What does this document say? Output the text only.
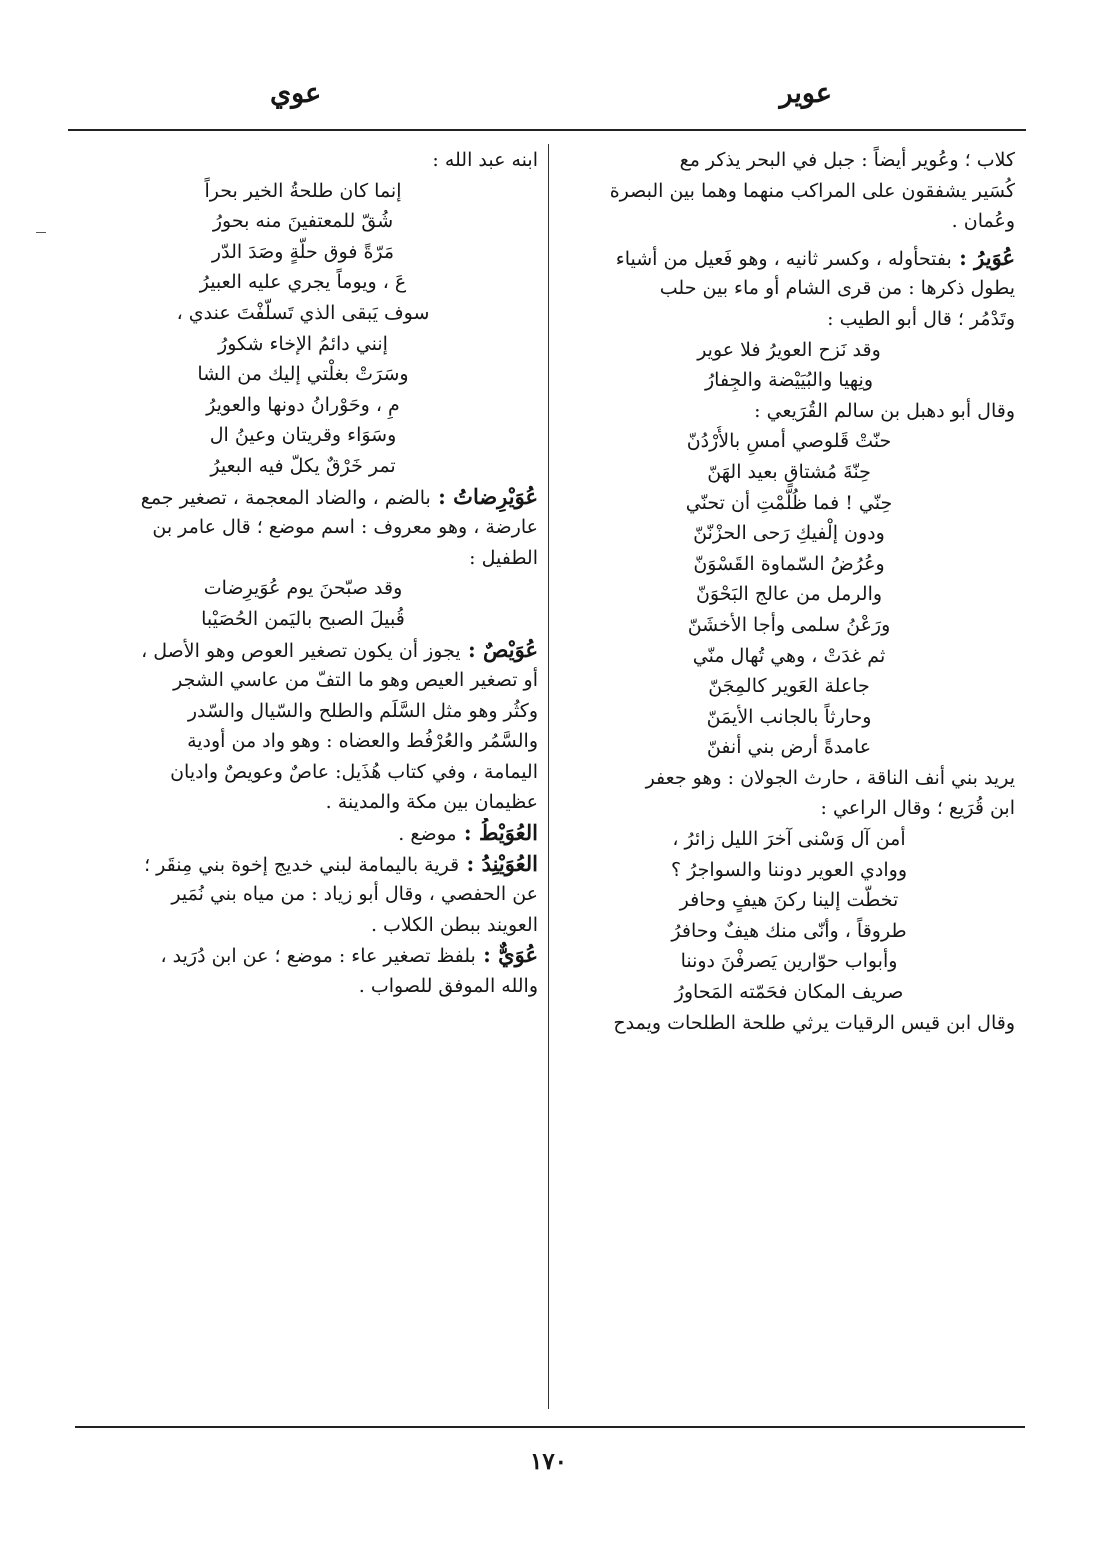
عوير
عوي
كلاب ؛ وعُوير أيضاً : جبل في البحر يذكر مع
كُسَير يشفقون على المراكب منهما وهما بين البصرة
وعُمان .
عُوَيرُ : بفتحأوله ، وكسر ثانيه ، وهو فَعيل من أشياء
يطول ذكرها : من قرى الشام أو ماء بين حلب
وتَدْمُر ؛ قال أبو الطيب :
وقد نَزح العويرُ فلا عوير
ونِهيا والبُيَيْضة والجِفارُ
وقال أبو دهبل بن سالم القُرَيعي :
حنّتْ قَلوصي أمسِ بالأُرْدُنّ
حِنّةَ مُشتاقٍ بعيد الهَنّ
حِنّي ! فما ظُلّمْتِ أن تحنّي
ودون إلْفيكِ رَحى الحزْنّنّ
وعُرُضُ السّماوة القَسْوَنّ
والرمل من عالج البَحْوَنّ
ورَعْنُ سلمى وأجا الأخشَنّ
ثم غدَتْ ، وهي تُهال منّي
جاعلة العَوير كالمِجَنّ
وحارثاً بالجانب الأيمَنّ
عامدةً أرض بني أنفنّ
يريد بني أنف الناقة ، حارث الجولان : وهو جعفر
ابن قُرَيع ؛ وقال الراعي :
أمن آل وَسْنى آخرَ الليل زائرُ ،
ووادي العوير دوننا والسواجرُ ؟
تخطّت إلينا ركنَ هيفٍ وحافر
طروقاً ، وأنّى منك هيفٌ وحافرُ
وأبواب حوّارين يَصرفْنَ دوننا
صريف المكان فحَمّته المَحاورُ
وقال ابن قيس الرقيات يرثي طلحة الطلحات ويمدح
ابنه عبد الله :
إنما كان طلحةُ الخير بحراً
شُقّ للمعتفينَ منه بحورُ
مَرّةً فوق حلّةٍ وصَدَ الدّر
عَ ، ويوماً يجري عليه العبيرُ
سوف يَبقى الذي تَسلّفْتَ عندي ،
إنني دائمُ الإخاء شكورُ
وسَرَتْ بغلْتي إليك من الشا
مِ ، وحَوْرانُ دونها والعويرُ
وسَوَاء وقريتان وعينُ ال
تمر خَرْقٌ يكلّ فيه البعيرُ
عُوَيْرِضاتُ : بالضم ، والضاد المعجمة ، تصغير جمع
عارضة ، وهو معروف : اسم موضع ؛ قال عامر بن
الطفيل :
وقد صبّحنَ يوم عُوَيرِضات
قُبيلَ الصبح باليَمن الحُصَيْبا
عُوَيْصٌ : يجوز أن يكون تصغير العوص وهو الأصل ،
أو تصغير العيص وهو ما التفّ من عاسي الشجر
وكثُر وهو مثل السَّلَم والطلح والسّيال والسّدر
والسَّمُر والعُرْفُط والعضاه : وهو واد من أودية
اليمامة ، وفي كتاب هُذَيل: عاصٌ وعويصٌ واديان
عظيمان بين مكة والمدينة .
العُوَيْطُ : موضع .
العُوَيْنِدُ : قرية باليمامة لبني خديج إخوة بني مِنقَر ؛
عن الحفصي ، وقال أبو زياد : من مياه بني نُمَير
العويند ببطن الكلاب .
عُوَيٌّ : بلفظ تصغير عاء : موضع ؛ عن ابن دُرَيد ،
والله الموفق للصواب .
١٧٠
